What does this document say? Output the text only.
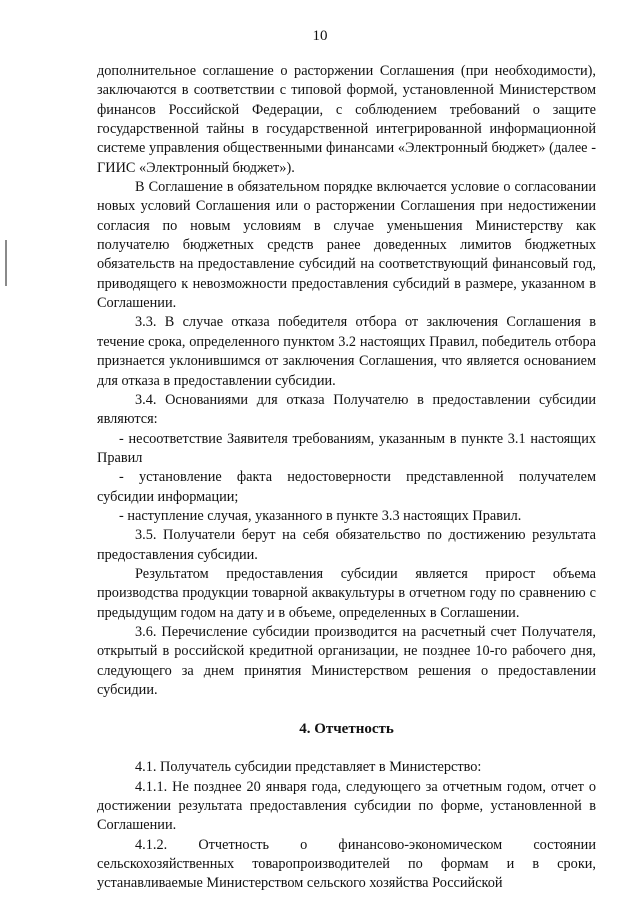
10

дополнительное соглашение о расторжении Соглашения (при необходимости), заключаются в соответствии с типовой формой, установленной Министерством финансов Российской Федерации, с соблюдением требований о защите государственной тайны в государственной интегрированной информационной системе управления общественными финансами «Электронный бюджет» (далее - ГИИС «Электронный бюджет»).

В Соглашение в обязательном порядке включается условие о согласовании новых условий Соглашения или о расторжении Соглашения при недостижении согласия по новым условиям в случае уменьшения Министерству как получателю бюджетных средств ранее доведенных лимитов бюджетных обязательств на предоставление субсидий на соответствующий финансовый год, приводящего к невозможности предоставления субсидий в размере, указанном в Соглашении.

3.3. В случае отказа победителя отбора от заключения Соглашения в течение срока, определенного пунктом 3.2 настоящих Правил, победитель отбора признается уклонившимся от заключения Соглашения, что является основанием для отказа в предоставлении субсидии.

3.4. Основаниями для отказа Получателю в предоставлении субсидии являются:

- несоответствие Заявителя требованиям, указанным в пункте 3.1 настоящих Правил

- установление факта недостоверности представленной получателем субсидии информации;

- наступление случая, указанного в пункте 3.3 настоящих Правил.

3.5. Получатели берут на себя обязательство по достижению результата предоставления субсидии.

Результатом предоставления субсидии является прирост объема производства продукции товарной аквакультуры в отчетном году по сравнению с предыдущим годом на дату и в объеме, определенных в Соглашении.

3.6. Перечисление субсидии производится на расчетный счет Получателя, открытый в российской кредитной организации, не позднее 10-го рабочего дня, следующего за днем принятия Министерством решения о предоставлении субсидии.

4. Отчетность

4.1. Получатель субсидии представляет в Министерство:

4.1.1. Не позднее 20 января года, следующего за отчетным годом, отчет о достижении результата предоставления субсидии по форме, установленной в Соглашении.

4.1.2. Отчетность о финансово-экономическом состоянии сельскохозяйственных товаропроизводителей по формам и в сроки, устанавливаемые Министерством сельского хозяйства Российской
